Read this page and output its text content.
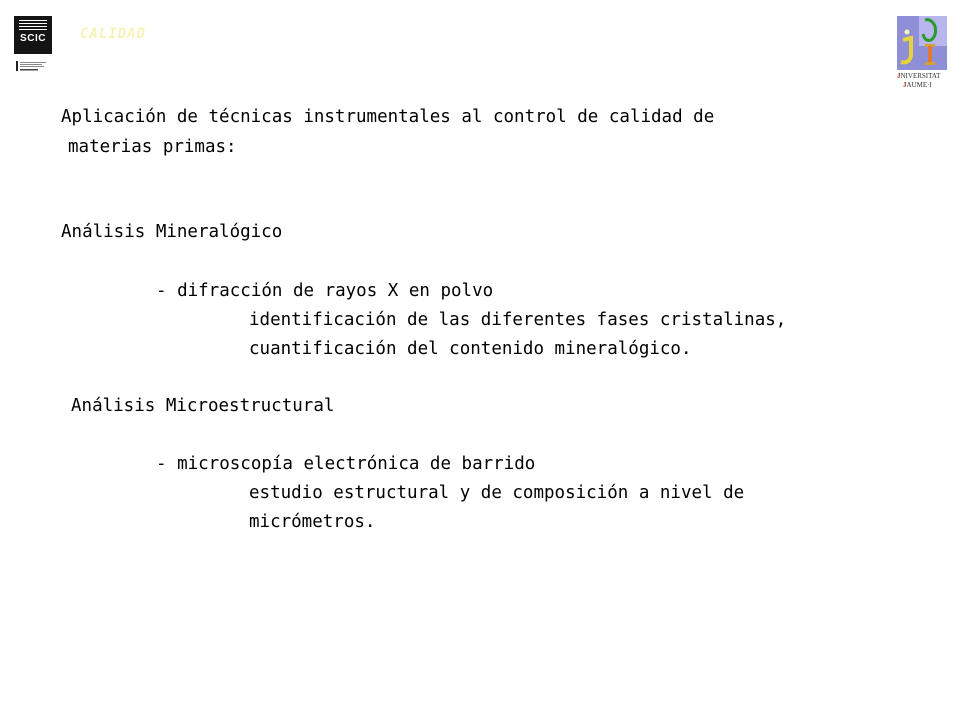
SCIC	CALIDAD
JNIVERSITAT
JAUME·I
Aplicación de técnicas instrumentales al control de calidad de
materias primas:
Análisis Mineralógico
- difracción de rayos X en polvo
identificación de las diferentes fases cristalinas,
cuantificación del contenido mineralógico.
Análisis Microestructural
- microscopía electrónica de barrido
estudio estructural y de composición a nivel de
micrómetros.
